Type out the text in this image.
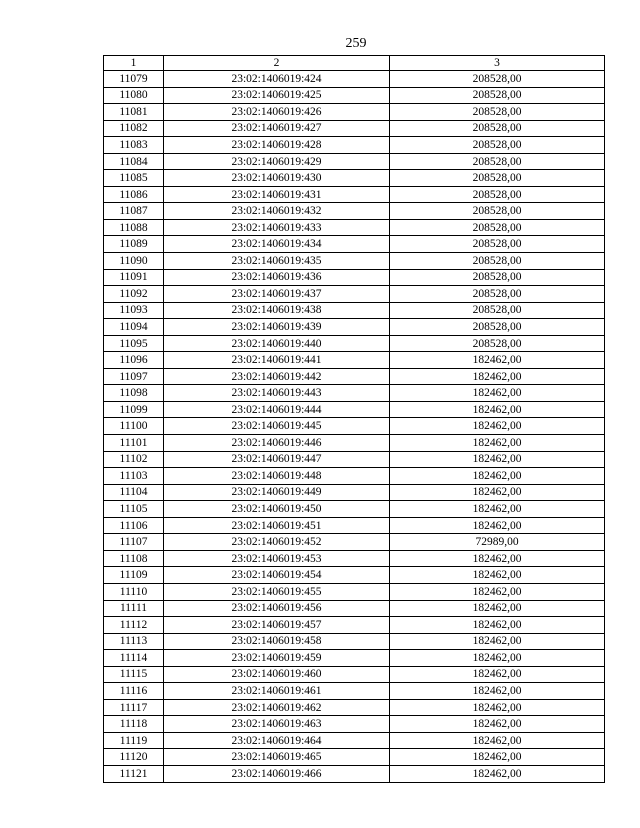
259
1	2	3
11079	23:02:1406019:424	208528,00
11080	23:02:1406019:425	208528,00
11081	23:02:1406019:426	208528,00
11082	23:02:1406019:427	208528,00
11083	23:02:1406019:428	208528,00
11084	23:02:1406019:429	208528,00
11085	23:02:1406019:430	208528,00
11086	23:02:1406019:431	208528,00
11087	23:02:1406019:432	208528,00
11088	23:02:1406019:433	208528,00
11089	23:02:1406019:434	208528,00
11090	23:02:1406019:435	208528,00
11091	23:02:1406019:436	208528,00
11092	23:02:1406019:437	208528,00
11093	23:02:1406019:438	208528,00
11094	23:02:1406019:439	208528,00
11095	23:02:1406019:440	208528,00
11096	23:02:1406019:441	182462,00
11097	23:02:1406019:442	182462,00
11098	23:02:1406019:443	182462,00
11099	23:02:1406019:444	182462,00
11100	23:02:1406019:445	182462,00
11101	23:02:1406019:446	182462,00
11102	23:02:1406019:447	182462,00
11103	23:02:1406019:448	182462,00
11104	23:02:1406019:449	182462,00
11105	23:02:1406019:450	182462,00
11106	23:02:1406019:451	182462,00
11107	23:02:1406019:452	72989,00
11108	23:02:1406019:453	182462,00
11109	23:02:1406019:454	182462,00
11110	23:02:1406019:455	182462,00
11111	23:02:1406019:456	182462,00
11112	23:02:1406019:457	182462,00
11113	23:02:1406019:458	182462,00
11114	23:02:1406019:459	182462,00
11115	23:02:1406019:460	182462,00
11116	23:02:1406019:461	182462,00
11117	23:02:1406019:462	182462,00
11118	23:02:1406019:463	182462,00
11119	23:02:1406019:464	182462,00
11120	23:02:1406019:465	182462,00
11121	23:02:1406019:466	182462,00
